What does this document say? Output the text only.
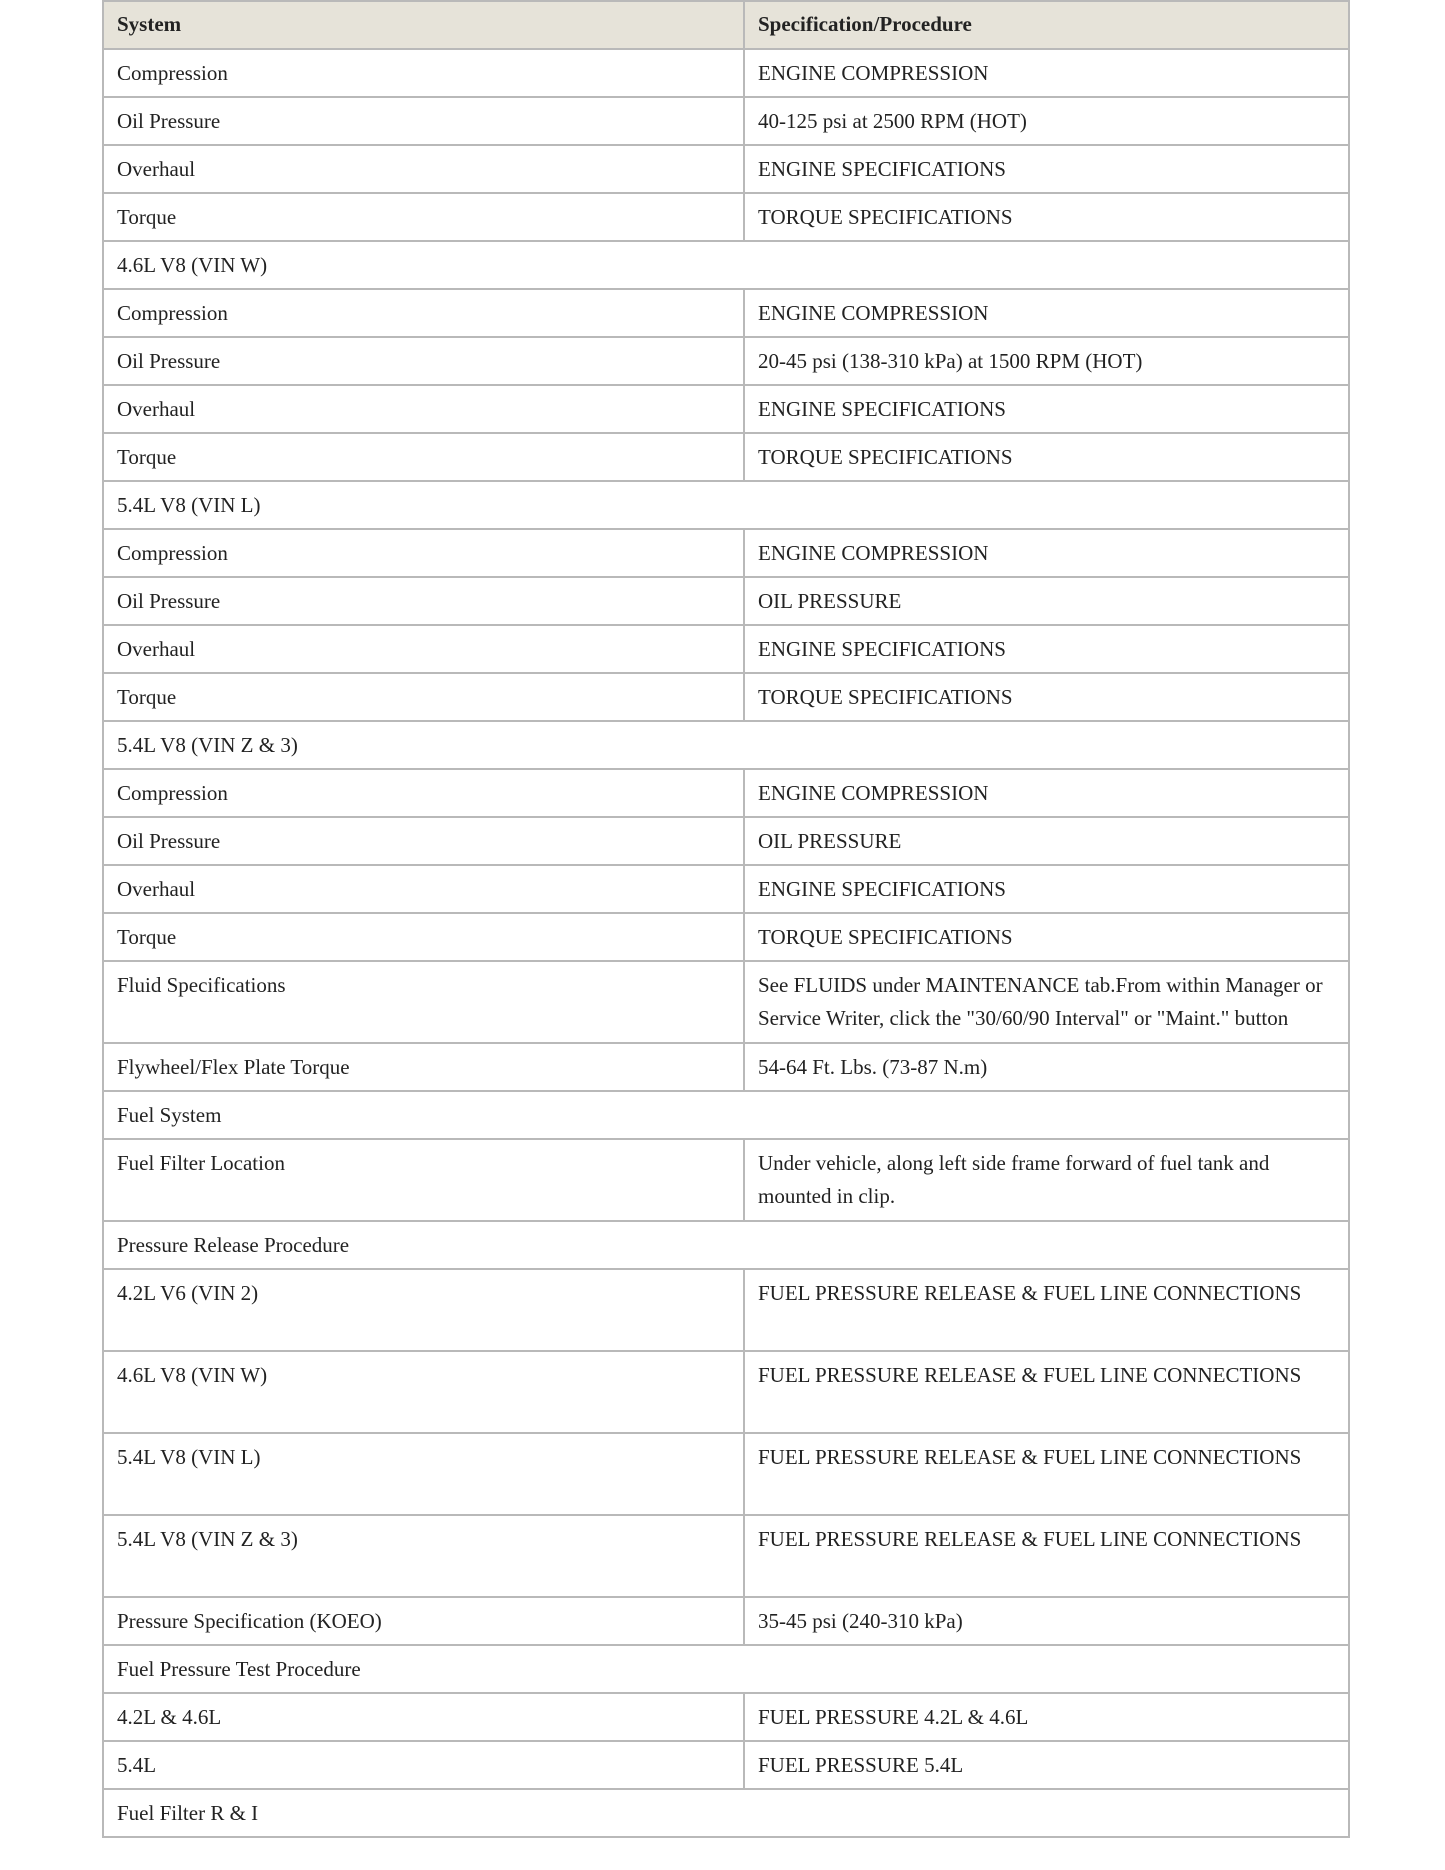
System	Specification/Procedure
Compression	ENGINE COMPRESSION
Oil Pressure	40-125 psi at 2500 RPM (HOT)
Overhaul	ENGINE SPECIFICATIONS
Torque	TORQUE SPECIFICATIONS
4.6L V8 (VIN W)	
Compression	ENGINE COMPRESSION
Oil Pressure	20-45 psi (138-310 kPa) at 1500 RPM (HOT)
Overhaul	ENGINE SPECIFICATIONS
Torque	TORQUE SPECIFICATIONS
5.4L V8 (VIN L)	
Compression	ENGINE COMPRESSION
Oil Pressure	OIL PRESSURE
Overhaul	ENGINE SPECIFICATIONS
Torque	TORQUE SPECIFICATIONS
5.4L V8 (VIN Z & 3)	
Compression	ENGINE COMPRESSION
Oil Pressure	OIL PRESSURE
Overhaul	ENGINE SPECIFICATIONS
Torque	TORQUE SPECIFICATIONS
Fluid Specifications	See FLUIDS under MAINTENANCE tab.From within Manager or Service Writer, click the "30/60/90 Interval" or "Maint." button
Flywheel/Flex Plate Torque	54-64 Ft. Lbs. (73-87 N.m)
Fuel System	
Fuel Filter Location	Under vehicle, along left side frame forward of fuel tank and mounted in clip.
Pressure Release Procedure	
4.2L V6 (VIN 2)	FUEL PRESSURE RELEASE & FUEL LINE CONNECTIONS
4.6L V8 (VIN W)	FUEL PRESSURE RELEASE & FUEL LINE CONNECTIONS
5.4L V8 (VIN L)	FUEL PRESSURE RELEASE & FUEL LINE CONNECTIONS
5.4L V8 (VIN Z & 3)	FUEL PRESSURE RELEASE & FUEL LINE CONNECTIONS
Pressure Specification (KOEO)	35-45 psi (240-310 kPa)
Fuel Pressure Test Procedure	
4.2L & 4.6L	FUEL PRESSURE 4.2L & 4.6L
5.4L	FUEL PRESSURE 5.4L
Fuel Filter R & I	
